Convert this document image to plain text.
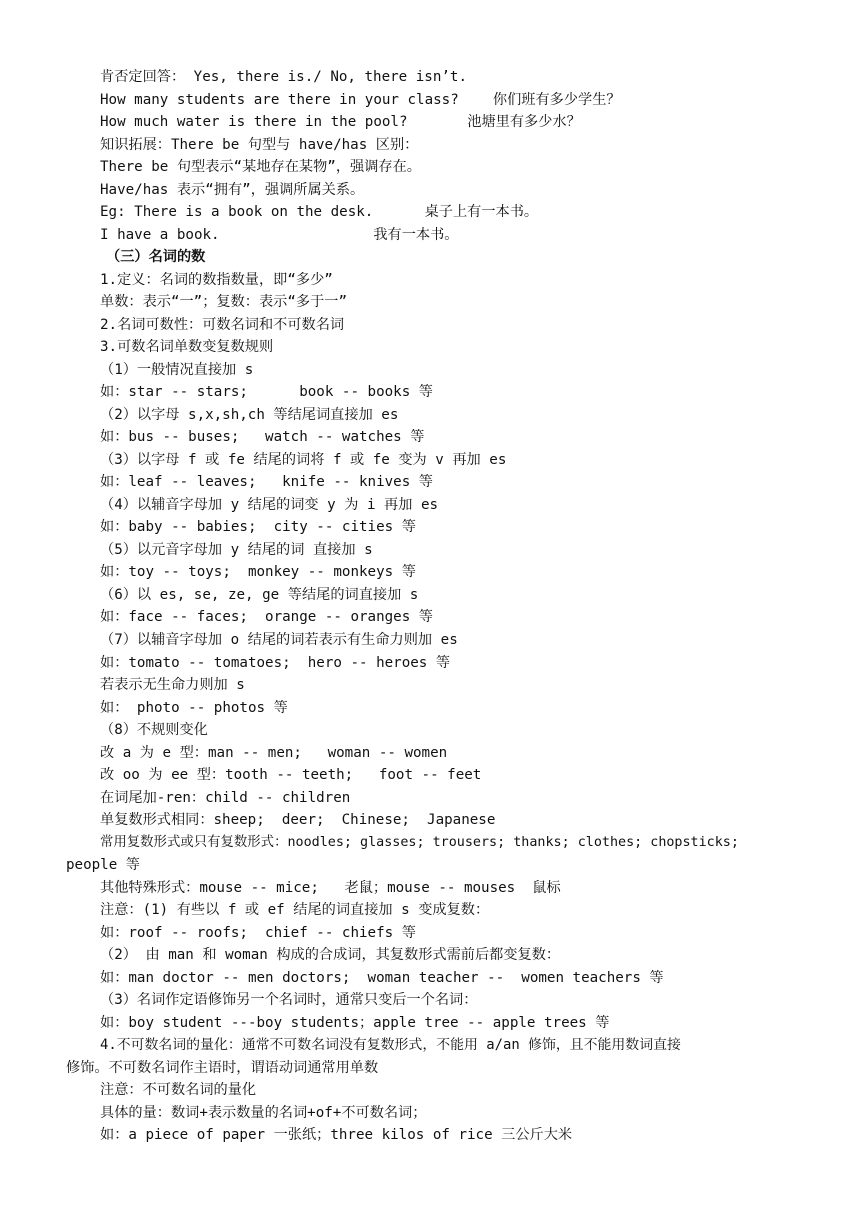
肯否定回答： Yes, there is./ No, there isn’t.
How many students are there in your class?    你们班有多少学生？
How much water is there in the pool?       池塘里有多少水？
知识拓展：There be 句型与 have/has 区别：
There be 句型表示“某地存在某物”，强调存在。
Have/has 表示“拥有”，强调所属关系。
Eg: There is a book on the desk.      桌子上有一本书。
I have a book.                  我有一本书。
（三）名词的数
1.定义：名词的数指数量，即“多少”
单数：表示“一”；复数：表示“多于一”
2.名词可数性：可数名词和不可数名词
3.可数名词单数变复数规则
（1）一般情况直接加 s
如：star -- stars;      book -- books 等
（2）以字母 s,x,sh,ch 等结尾词直接加 es
如：bus -- buses;   watch -- watches 等
（3）以字母 f 或 fe 结尾的词将 f 或 fe 变为 v 再加 es
如：leaf -- leaves;   knife -- knives 等
（4）以辅音字母加 y 结尾的词变 y 为 i 再加 es
如：baby -- babies;  city -- cities 等
（5）以元音字母加 y 结尾的词 直接加 s
如：toy -- toys;  monkey -- monkeys 等
（6）以 es, se, ze, ge 等结尾的词直接加 s
如：face -- faces;  orange -- oranges 等
（7）以辅音字母加 o 结尾的词若表示有生命力则加 es
如：tomato -- tomatoes;  hero -- heroes 等
若表示无生命力则加 s
如： photo -- photos 等
（8）不规则变化
改 a 为 e 型：man -- men;   woman -- women
改 oo 为 ee 型：tooth -- teeth;   foot -- feet
在词尾加-ren：child -- children
单复数形式相同：sheep;  deer;  Chinese;  Japanese
常用复数形式或只有复数形式：noodles; glasses; trousers; thanks; clothes; chopsticks;
people 等
其他特殊形式：mouse -- mice;   老鼠；mouse -- mouses  鼠标
注意：(1) 有些以 f 或 ef 结尾的词直接加 s 变成复数：
如：roof -- roofs;  chief -- chiefs 等
（2） 由 man 和 woman 构成的合成词，其复数形式需前后都变复数：
如：man doctor -- men doctors;  woman teacher --  women teachers 等
（3）名词作定语修饰另一个名词时，通常只变后一个名词：
如：boy student ---boy students；apple tree -- apple trees 等
4.不可数名词的量化：通常不可数名词没有复数形式，不能用 a/an 修饰，且不能用数词直接
修饰。不可数名词作主语时，谓语动词通常用单数
注意：不可数名词的量化
具体的量：数词+表示数量的名词+of+不可数名词；
如：a piece of paper 一张纸；three kilos of rice 三公斤大米
